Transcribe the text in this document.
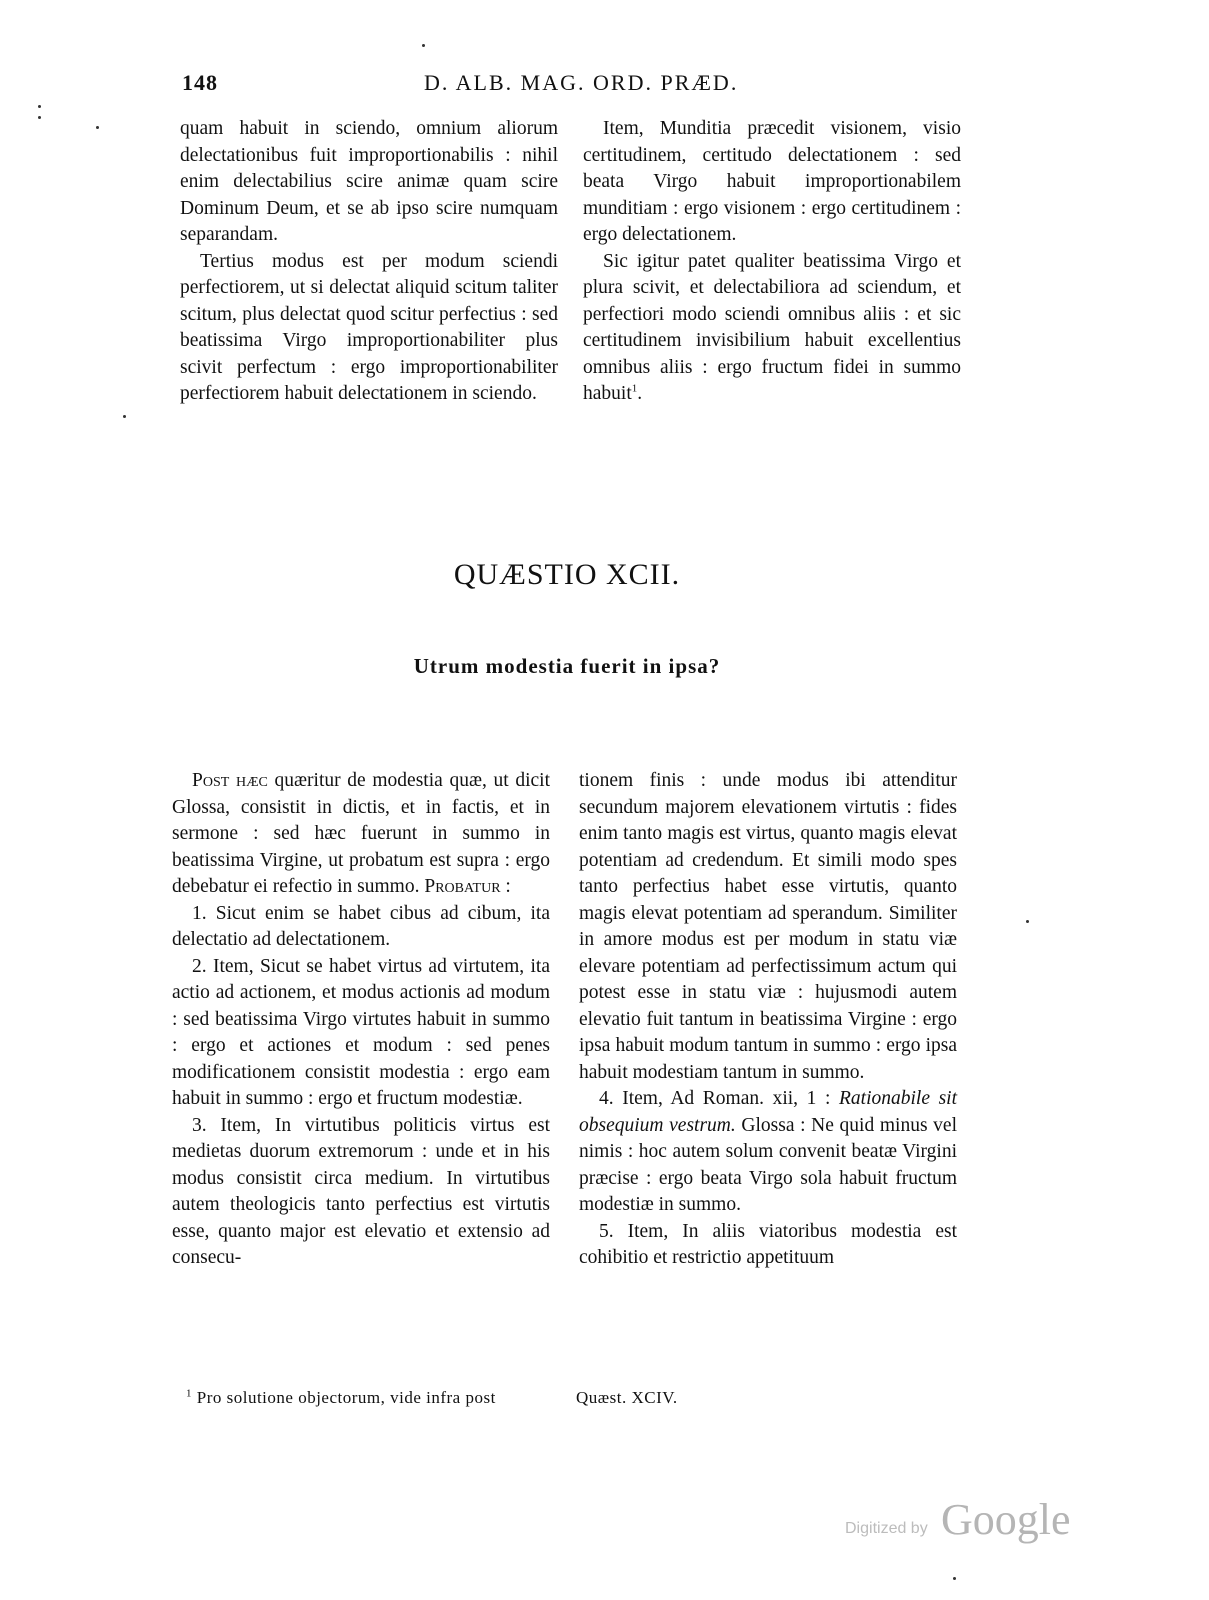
148	D. ALB. MAG. ORD. PRÆD.

quam habuit in sciendo, omnium aliorum delectationibus fuit improportionabilis : nihil enim delectabilius scire animæ quam scire Dominum Deum, et se ab ipso scire numquam separandam.

Tertius modus est per modum sciendi perfectiorem, ut si delectat aliquid scitum taliter scitum, plus delectat quod scitur perfectius : sed beatissima Virgo improportionabiliter plus scivit perfectum : ergo improportionabiliter perfectiorem habuit delectationem in sciendo.

Item, Munditia præcedit visionem, visio certitudinem, certitudo delectationem : sed beata Virgo habuit improportionabilem munditiam : ergo visionem : ergo certitudinem : ergo delectationem.

Sic igitur patet qualiter beatissima Virgo et plura scivit, et delectabiliora ad sciendum, et perfectiori modo sciendi omnibus aliis : et sic certitudinem invisibilium habuit excellentius omnibus aliis : ergo fructum fidei in summo habuit$^1$.

QUÆSTIO XCII.
Utrum modestia fuerit in ipsa?

Post hæc quæritur de modestia quæ, ut dicit Glossa, consistit in dictis, et in factis, et in sermone : sed hæc fuerunt in summo in beatissima Virgine, ut probatum est supra : ergo debebatur ei refectio in summo. Probatur :

1. Sicut enim se habet cibus ad cibum, ita delectatio ad delectationem.

2. Item, Sicut se habet virtus ad virtutem, ita actio ad actionem, et modus actionis ad modum : sed beatissima Virgo virtutes habuit in summo : ergo et actiones et modum : sed penes modificationem consistit modestia : ergo eam habuit in summo : ergo et fructum modestiæ.

3. Item, In virtutibus politicis virtus est medietas duorum extremorum : unde et in his modus consistit circa medium. In virtutibus autem theologicis tanto perfectius est virtutis esse, quanto major est elevatio et extensio ad consecu-

tionem finis : unde modus ibi attenditur secundum majorem elevationem virtutis : fides enim tanto magis est virtus, quanto magis elevat potentiam ad credendum. Et simili modo spes tanto perfectius habet esse virtutis, quanto magis elevat potentiam ad sperandum. Similiter in amore modus est per modum in statu viæ elevare potentiam ad perfectissimum actum qui potest esse in statu viæ : hujusmodi autem elevatio fuit tantum in beatissima Virgine : ergo ipsa habuit modum tantum in summo : ergo ipsa habuit modestiam tantum in summo.

4. Item, Ad Roman. xii, 1 : Rationabile sit obsequium vestrum. Glossa : Ne quid minus vel nimis : hoc autem solum convenit beatæ Virgini præcise : ergo beata Virgo sola habuit fructum modestiæ in summo.

5. Item, In aliis viatoribus modestia est cohibitio et restrictio appetituum

$^1$ Pro solutione objectorum, vide infra post	Quæst. XCIV.
Digitized by Google
